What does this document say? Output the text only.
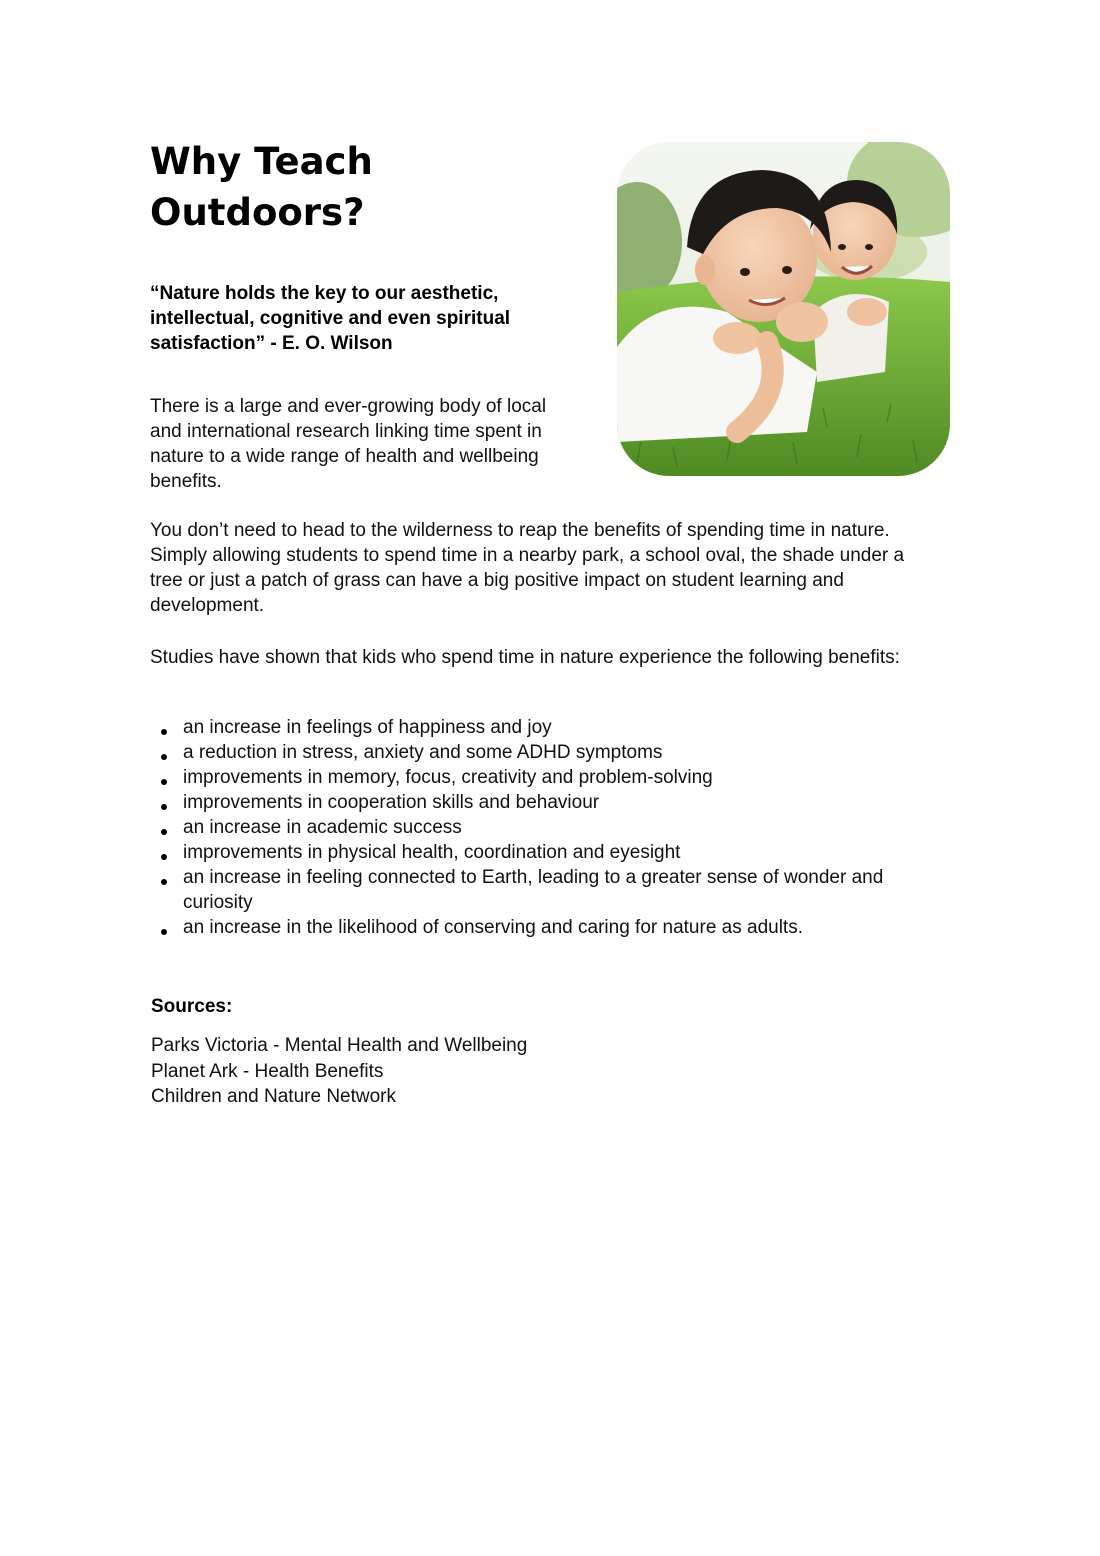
Why Teach Outdoors?

“Nature holds the key to our aesthetic, intellectual, cognitive and even spiritual satisfaction” - E. O. Wilson

There is a large and ever-growing body of local and international research linking time spent in nature to a wide range of health and wellbeing benefits.

You don’t need to head to the wilderness to reap the benefits of spending time in nature. Simply allowing students to spend time in a nearby park, a school oval, the shade under a tree or just a patch of grass can have a big positive impact on student learning and development.

Studies have shown that kids who spend time in nature experience the following benefits:

an increase in feelings of happiness and joy
a reduction in stress, anxiety and some ADHD symptoms
improvements in memory, focus, creativity and problem-solving
improvements in cooperation skills and behaviour
an increase in academic success
improvements in physical health, coordination and eyesight
an increase in feeling connected to Earth, leading to a greater sense of wonder and curiosity
an increase in the likelihood of conserving and caring for nature as adults.
Sources:
Parks Victoria - Mental Health and Wellbeing
Planet Ark - Health Benefits
Children and Nature Network
